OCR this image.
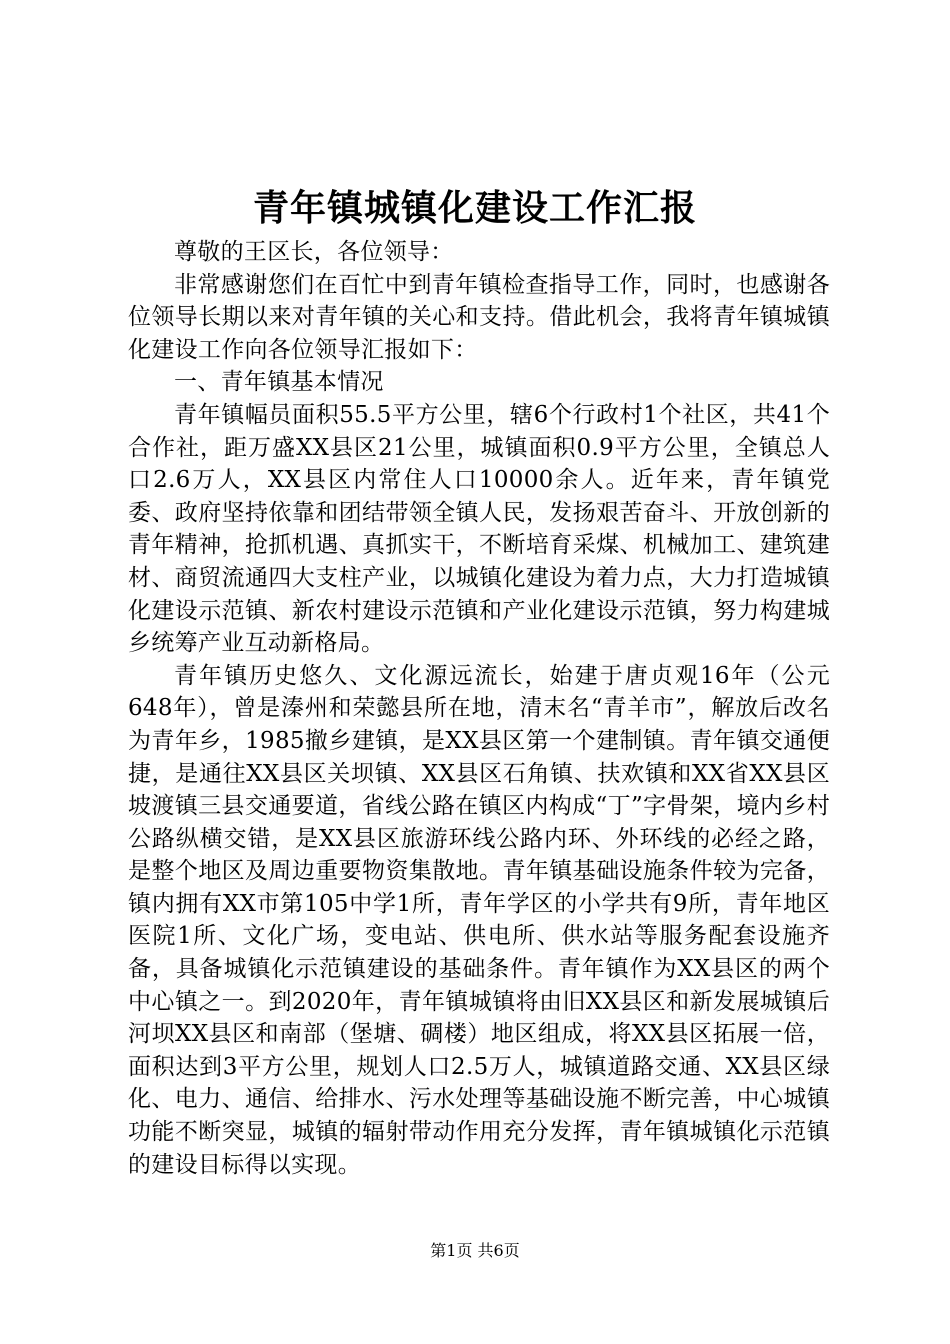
青年镇城镇化建设工作汇报

尊敬的王区长，各位领导：

非常感谢您们在百忙中到青年镇检查指导工作，同时，也感谢各位领导长期以来对青年镇的关心和支持。借此机会，我将青年镇城镇化建设工作向各位领导汇报如下：

一、青年镇基本情况

青年镇幅员面积55.5平方公里，辖6个行政村1个社区，共41个合作社，距万盛XX县区21公里，城镇面积0.9平方公里，全镇总人口2.6万人，XX县区内常住人口10000余人。近年来，青年镇党委、政府坚持依靠和团结带领全镇人民，发扬艰苦奋斗、开放创新的青年精神，抢抓机遇、真抓实干，不断培育采煤、机械加工、建筑建材、商贸流通四大支柱产业，以城镇化建设为着力点，大力打造城镇化建设示范镇、新农村建设示范镇和产业化建设示范镇，努力构建城乡统筹产业互动新格局。

青年镇历史悠久、文化源远流长，始建于唐贞观16年（公元648年），曾是溱州和荣懿县所在地，清末名“青羊市”，解放后改名为青年乡，1985撤乡建镇，是XX县区第一个建制镇。青年镇交通便捷，是通往XX县区关坝镇、XX县区石角镇、扶欢镇和XX省XX县区坡渡镇三县交通要道，省线公路在镇区内构成“丁”字骨架，境内乡村公路纵横交错，是XX县区旅游环线公路内环、外环线的必经之路，是整个地区及周边重要物资集散地。青年镇基础设施条件较为完备，镇内拥有XX市第105中学1所，青年学区的小学共有9所，青年地区医院1所、文化广场，变电站、供电所、供水站等服务配套设施齐备，具备城镇化示范镇建设的基础条件。青年镇作为XX县区的两个中心镇之一。到2020年，青年镇城镇将由旧XX县区和新发展城镇后河坝XX县区和南部（堡塘、碉楼）地区组成，将XX县区拓展一倍，面积达到3平方公里，规划人口2.5万人，城镇道路交通、XX县区绿化、电力、通信、给排水、污水处理等基础设施不断完善，中心城镇功能不断突显，城镇的辐射带动作用充分发挥，青年镇城镇化示范镇的建设目标得以实现。

第1页 共6页
